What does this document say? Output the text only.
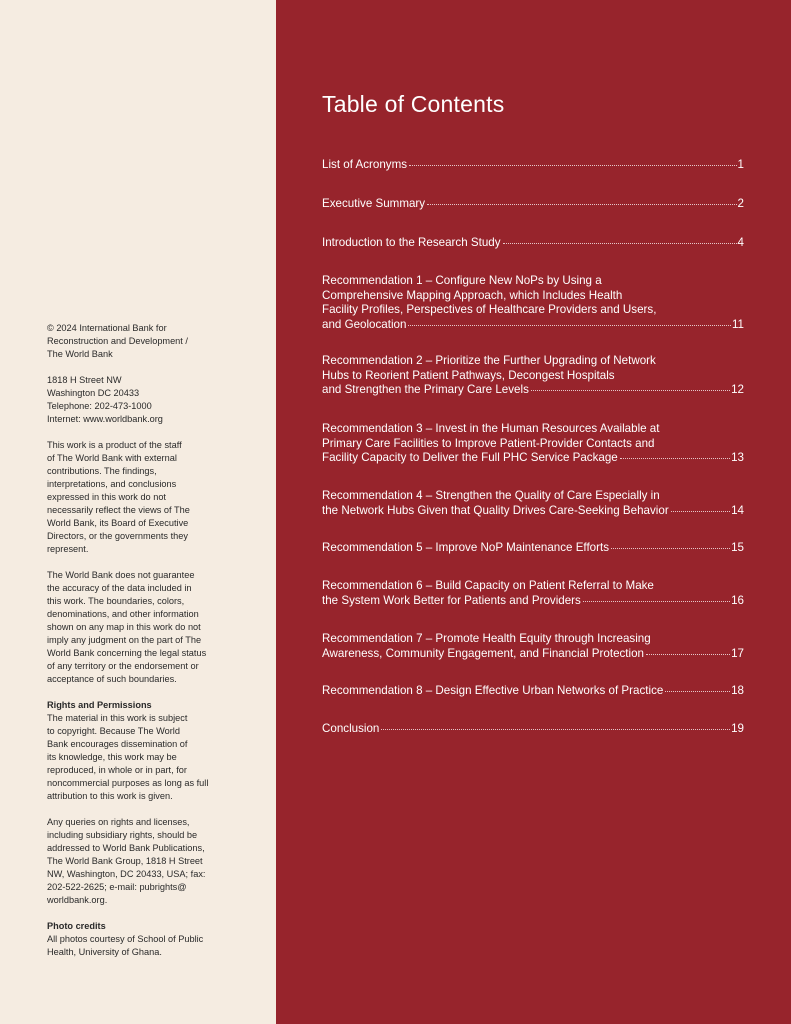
© 2024 International Bank for
Reconstruction and Development /
The World Bank

1818 H Street NW
Washington DC 20433
Telephone: 202-473-1000
Internet: www.worldbank.org

This work is a product of the staff
of The World Bank with external
contributions. The findings,
interpretations, and conclusions
expressed in this work do not
necessarily reflect the views of The
World Bank, its Board of Executive
Directors, or the governments they
represent.

The World Bank does not guarantee
the accuracy of the data included in
this work. The boundaries, colors,
denominations, and other information
shown on any map in this work do not
imply any judgment on the part of The
World Bank concerning the legal status
of any territory or the endorsement or
acceptance of such boundaries.

Rights and Permissions

The material in this work is subject
to copyright. Because The World
Bank encourages dissemination of
its knowledge, this work may be
reproduced, in whole or in part, for
noncommercial purposes as long as full
attribution to this work is given.

Any queries on rights and licenses,
including subsidiary rights, should be
addressed to World Bank Publications,
The World Bank Group, 1818 H Street
NW, Washington, DC 20433, USA; fax:
202-522-2625; e-mail: pubrights@
worldbank.org.

Photo credits

All photos courtesy of School of Public
Health, University of Ghana.

Table of Contents
List of Acronyms	1
Executive Summary	2
Introduction to the Research Study	4
Recommendation 1 – Configure New NoPs by Using a
Comprehensive Mapping Approach, which Includes Health
Facility Profiles, Perspectives of Healthcare Providers and Users,
and Geolocation	11
Recommendation 2 – Prioritize the Further Upgrading of Network
Hubs to Reorient Patient Pathways, Decongest Hospitals
and Strengthen the Primary Care Levels	12
Recommendation 3 – Invest in the Human Resources Available at
Primary Care Facilities to Improve Patient-Provider Contacts and
Facility Capacity to Deliver the Full PHC Service Package	13
Recommendation 4 – Strengthen the Quality of Care Especially in
the Network Hubs Given that Quality Drives Care-Seeking Behavior	14
Recommendation 5 – Improve NoP Maintenance Efforts	15
Recommendation 6 – Build Capacity on Patient Referral to Make
the System Work Better for Patients and Providers	16
Recommendation 7 – Promote Health Equity through Increasing
Awareness, Community Engagement, and Financial Protection	17
Recommendation 8 – Design Effective Urban Networks of Practice	18
Conclusion	19
